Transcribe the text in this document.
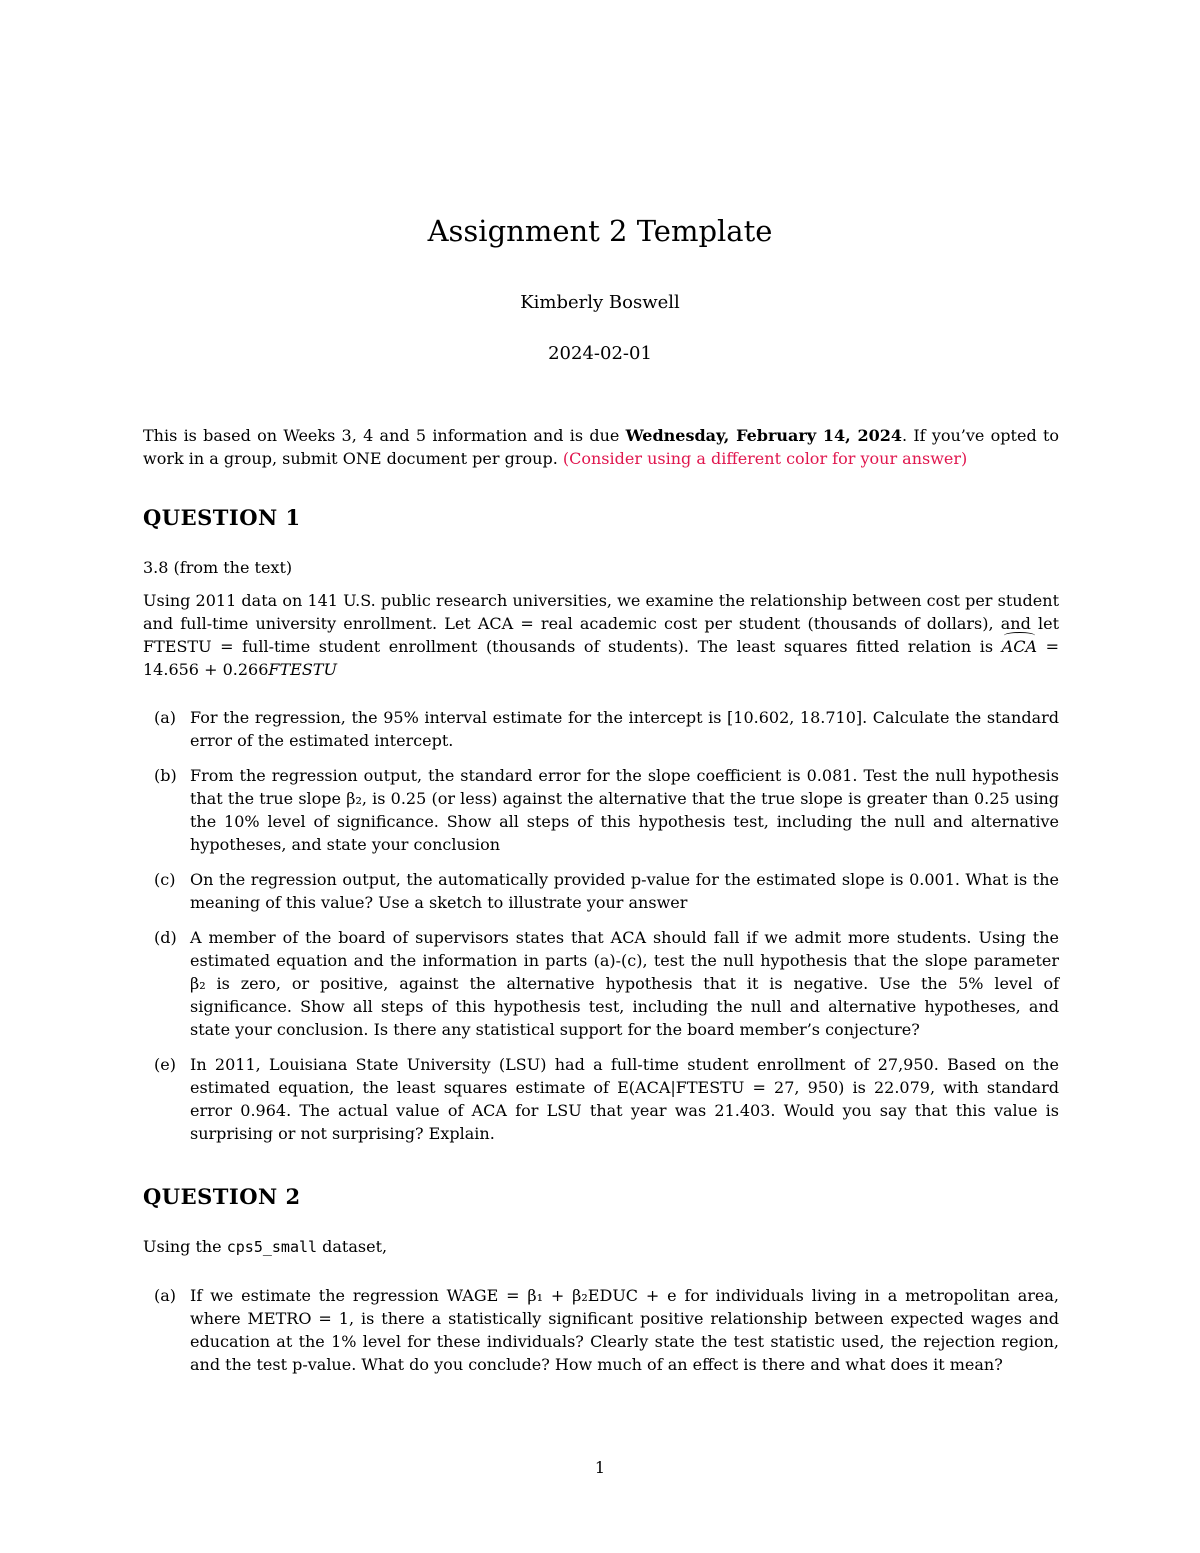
Assignment 2 Template
Kimberly Boswell
2024-02-01

This is based on Weeks 3, 4 and 5 information and is due Wednesday, February 14, 2024. If you’ve opted to work in a group, submit ONE document per group. (Consider using a different color for your answer)

QUESTION 1

3.8 (from the text)

Using 2011 data on 141 U.S. public research universities, we examine the relationship between cost per student and full-time university enrollment. Let ACA = real academic cost per student (thousands of dollars), and let FTESTU = full-time student enrollment (thousands of students). The least squares fitted relation is ACA = 14.656 + 0.266FTESTU

(a) For the regression, the 95% interval estimate for the intercept is [10.602, 18.710]. Calculate the standard error of the estimated intercept.
(b) From the regression output, the standard error for the slope coefficient is 0.081. Test the null hypothesis that the true slope β₂, is 0.25 (or less) against the alternative that the true slope is greater than 0.25 using the 10% level of significance. Show all steps of this hypothesis test, including the null and alternative hypotheses, and state your conclusion
(c) On the regression output, the automatically provided p-value for the estimated slope is 0.001. What is the meaning of this value? Use a sketch to illustrate your answer
(d) A member of the board of supervisors states that ACA should fall if we admit more students. Using the estimated equation and the information in parts (a)-(c), test the null hypothesis that the slope parameter β₂ is zero, or positive, against the alternative hypothesis that it is negative. Use the 5% level of significance. Show all steps of this hypothesis test, including the null and alternative hypotheses, and state your conclusion. Is there any statistical support for the board member’s conjecture?
(e) In 2011, Louisiana State University (LSU) had a full-time student enrollment of 27,950. Based on the estimated equation, the least squares estimate of E(ACA|FTESTU = 27, 950) is 22.079, with standard error 0.964. The actual value of ACA for LSU that year was 21.403. Would you say that this value is surprising or not surprising? Explain.
QUESTION 2

Using the cps5_small dataset,

(a) If we estimate the regression WAGE = β₁ + β₂EDUC + e for individuals living in a metropolitan area, where METRO = 1, is there a statistically significant positive relationship between expected wages and education at the 1% level for these individuals? Clearly state the test statistic used, the rejection region, and the test p-value. What do you conclude? How much of an effect is there and what does it mean?
1
